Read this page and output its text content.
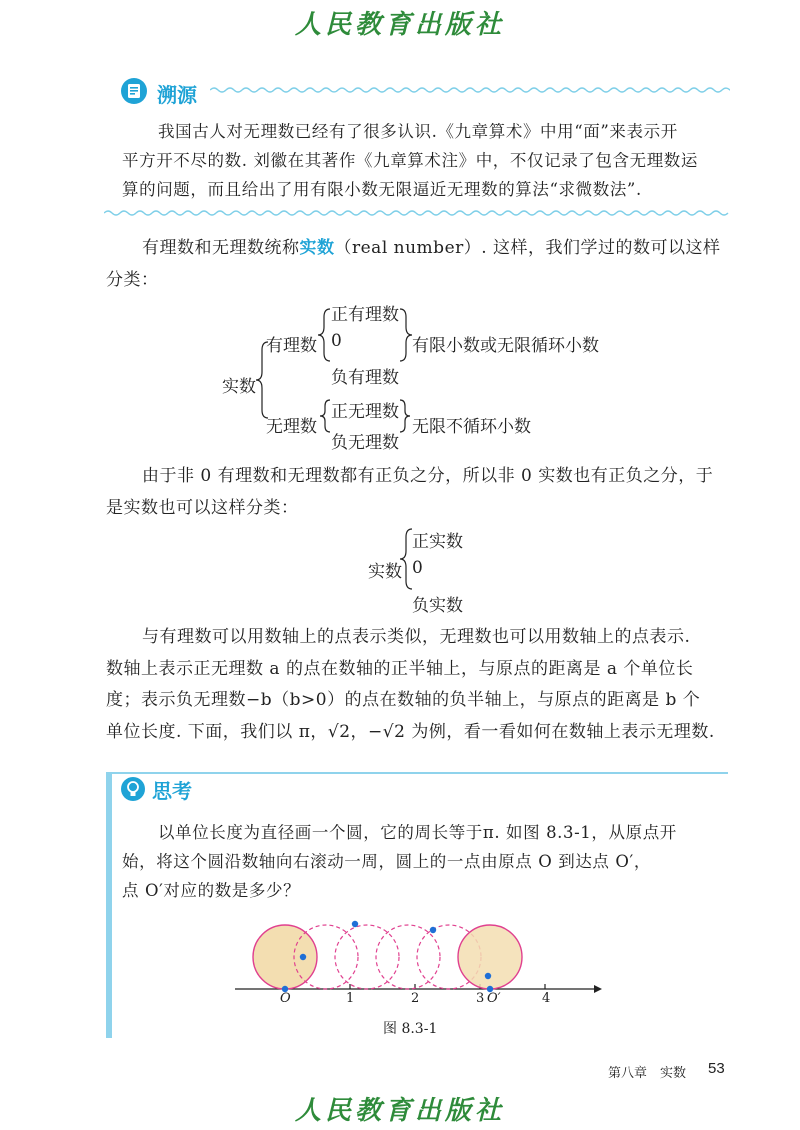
人民教育出版社
溯源
我国古人对无理数已经有了很多认识.《九章算术》中用“面”来表示开
平方开不尽的数. 刘徽在其著作《九章算术注》中，不仅记录了包含无理数运
算的问题，而且给出了用有限小数无限逼近无理数的算法“求微数法”.
有理数和无理数统称实数（real number）. 这样，我们学过的数可以这样
分类：
实数
有理数
正有理数
0
负有理数
有限小数或无限循环小数
无理数
正无理数
负无理数
无限不循环小数
由于非 0 有理数和无理数都有正负之分，所以非 0 实数也有正负之分，于
是实数也可以这样分类：
实数
正实数
0
负实数
与有理数可以用数轴上的点表示类似，无理数也可以用数轴上的点表示.
数轴上表示正无理数 a 的点在数轴的正半轴上，与原点的距离是 a 个单位长
度；表示负无理数−b（b>0）的点在数轴的负半轴上，与原点的距离是 b 个
单位长度. 下面，我们以 π，√2，−√2 为例，看一看如何在数轴上表示无理数.
思考
以单位长度为直径画一个圆，它的周长等于π. 如图 8.3-1，从原点开
始，将这个圆沿数轴向右滚动一周，圆上的一点由原点 O 到达点 O′，
点 O′对应的数是多少？
O	1	2	3 O′	4
图 8.3-1
第八章　实数 53
人民教育出版社
